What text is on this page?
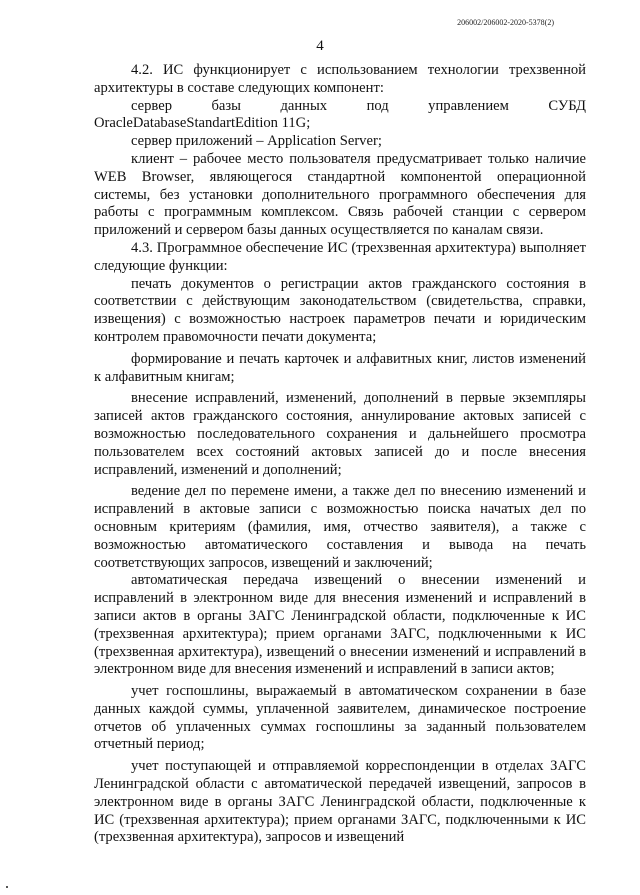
206002/206002-2020-5378(2)
4

4.2. ИС функционирует с использованием технологии трехзвенной архитектуры в составе следующих компонент:

сервер базы данных под управлением СУБД OracleDatabaseStandartEdition 11G;

сервер приложений – Application Server;

клиент – рабочее место пользователя предусматривает только наличие WEB Browser, являющегося стандартной компонентой операционной системы, без установки дополнительного программного обеспечения для работы с программным комплексом. Связь рабочей станции с сервером приложений и сервером базы данных осуществляется по каналам связи.

4.3. Программное обеспечение ИС (трехзвенная архитектура) выполняет следующие функции:

печать документов о регистрации актов гражданского состояния в соответствии с действующим законодательством (свидетельства, справки, извещения) с возможностью настроек параметров печати и юридическим контролем правомочности печати документа;

формирование и печать карточек и алфавитных книг, листов изменений к алфавитным книгам;

внесение исправлений, изменений, дополнений в первые экземпляры записей актов гражданского состояния, аннулирование актовых записей с возможностью последовательного сохранения и дальнейшего просмотра пользователем всех состояний актовых записей до и после внесения исправлений, изменений и дополнений;

ведение дел по перемене имени, а также дел по внесению изменений и исправлений в актовые записи с возможностью поиска начатых дел по основным критериям (фамилия, имя, отчество заявителя), а также с возможностью автоматического составления и вывода на печать соответствующих запросов, извещений и заключений;

автоматическая передача извещений о внесении изменений и исправлений в электронном виде для внесения изменений и исправлений в записи актов в органы ЗАГС Ленинградской области, подключенные к ИС (трехзвенная архитектура); прием органами ЗАГС, подключенными к ИС (трехзвенная архитектура), извещений о внесении изменений и исправлений в электронном виде для внесения изменений и исправлений в записи актов;

учет госпошлины, выражаемый в автоматическом сохранении в базе данных каждой суммы, уплаченной заявителем, динамическое построение отчетов об уплаченных суммах госпошлины за заданный пользователем отчетный период;

учет поступающей и отправляемой корреспонденции в отделах ЗАГС Ленинградской области с автоматической передачей извещений, запросов в электронном виде в органы ЗАГС Ленинградской области, подключенные к ИС (трехзвенная архитектура); прием органами ЗАГС, подключенными к ИС (трехзвенная архитектура), запросов и извещений
